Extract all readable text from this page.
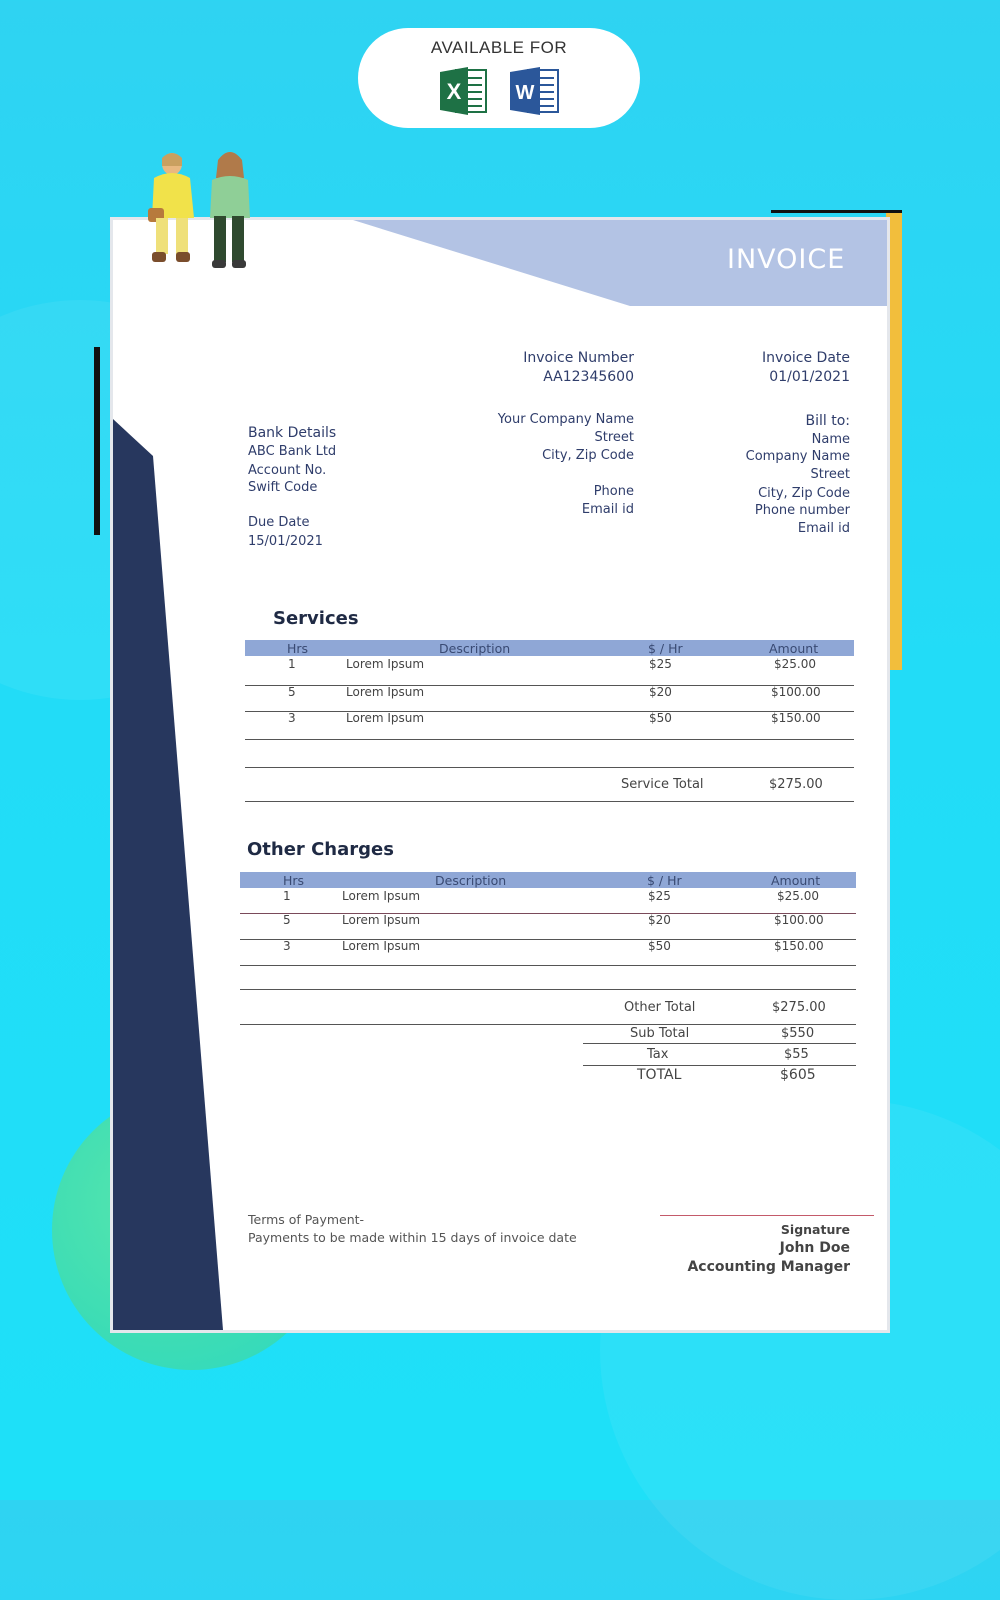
AVAILABLE FOR
X	W
INVOICE
Invoice Number
AA12345600
Invoice Date
01/01/2021
Your Company Name
Street
City, Zip Code
Phone
Email id
Bank Details
ABC Bank Ltd
Account No.
Swift Code
Due Date
15/01/2021
Bill to:
Name
Company Name
Street
City, Zip Code
Phone number
Email id
Services
Hrs	Description	$ / Hr	Amount
1	Lorem Ipsum	$25	$25.00
5	Lorem Ipsum	$20	$100.00
3	Lorem Ipsum	$50	$150.00
Service Total	$275.00
Other Charges
Hrs	Description	$ / Hr	Amount
1	Lorem Ipsum	$25	$25.00
5	Lorem Ipsum	$20	$100.00
3	Lorem Ipsum	$50	$150.00
Other Total	$275.00
Sub Total	$550
Tax	$55
TOTAL	$605
Terms of Payment-
Payments to be made within 15 days of invoice date
Signature
John Doe
Accounting Manager
